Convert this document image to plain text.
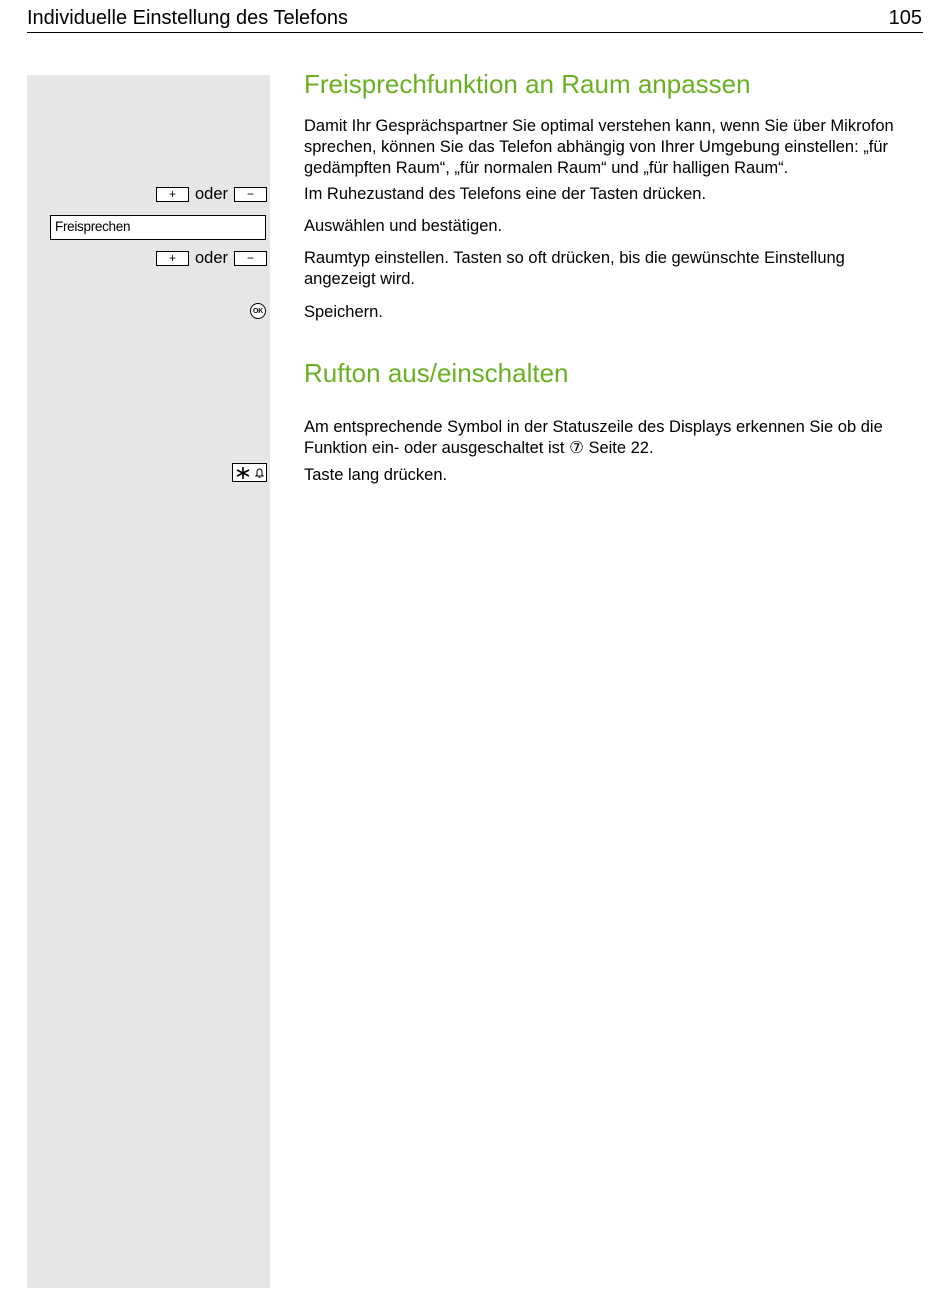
Individuelle Einstellung des Telefons	105
Freisprechfunktion an Raum anpassen

Damit Ihr Gesprächspartner Sie optimal verstehen kann, wenn Sie über Mikrofon sprechen, können Sie das Telefon abhängig von Ihrer Umgebung einstellen: „für gedämpften Raum“, „für normalen Raum“ und „für halligen Raum“.

+	oder	−	Im Ruhezustand des Telefons eine der Tasten drücken.

Freisprechen	Auswählen und bestätigen.

+	oder	−	Raumtyp einstellen. Tasten so oft drücken, bis die gewünschte Einstellung angezeigt wird.

OK Speichern.

Rufton aus/einschalten

Am entsprechende Symbol in der Statuszeile des Displays erkennen Sie ob die Funktion ein- oder ausgeschaltet ist ⑦ Seite 22.

Taste lang drücken.
